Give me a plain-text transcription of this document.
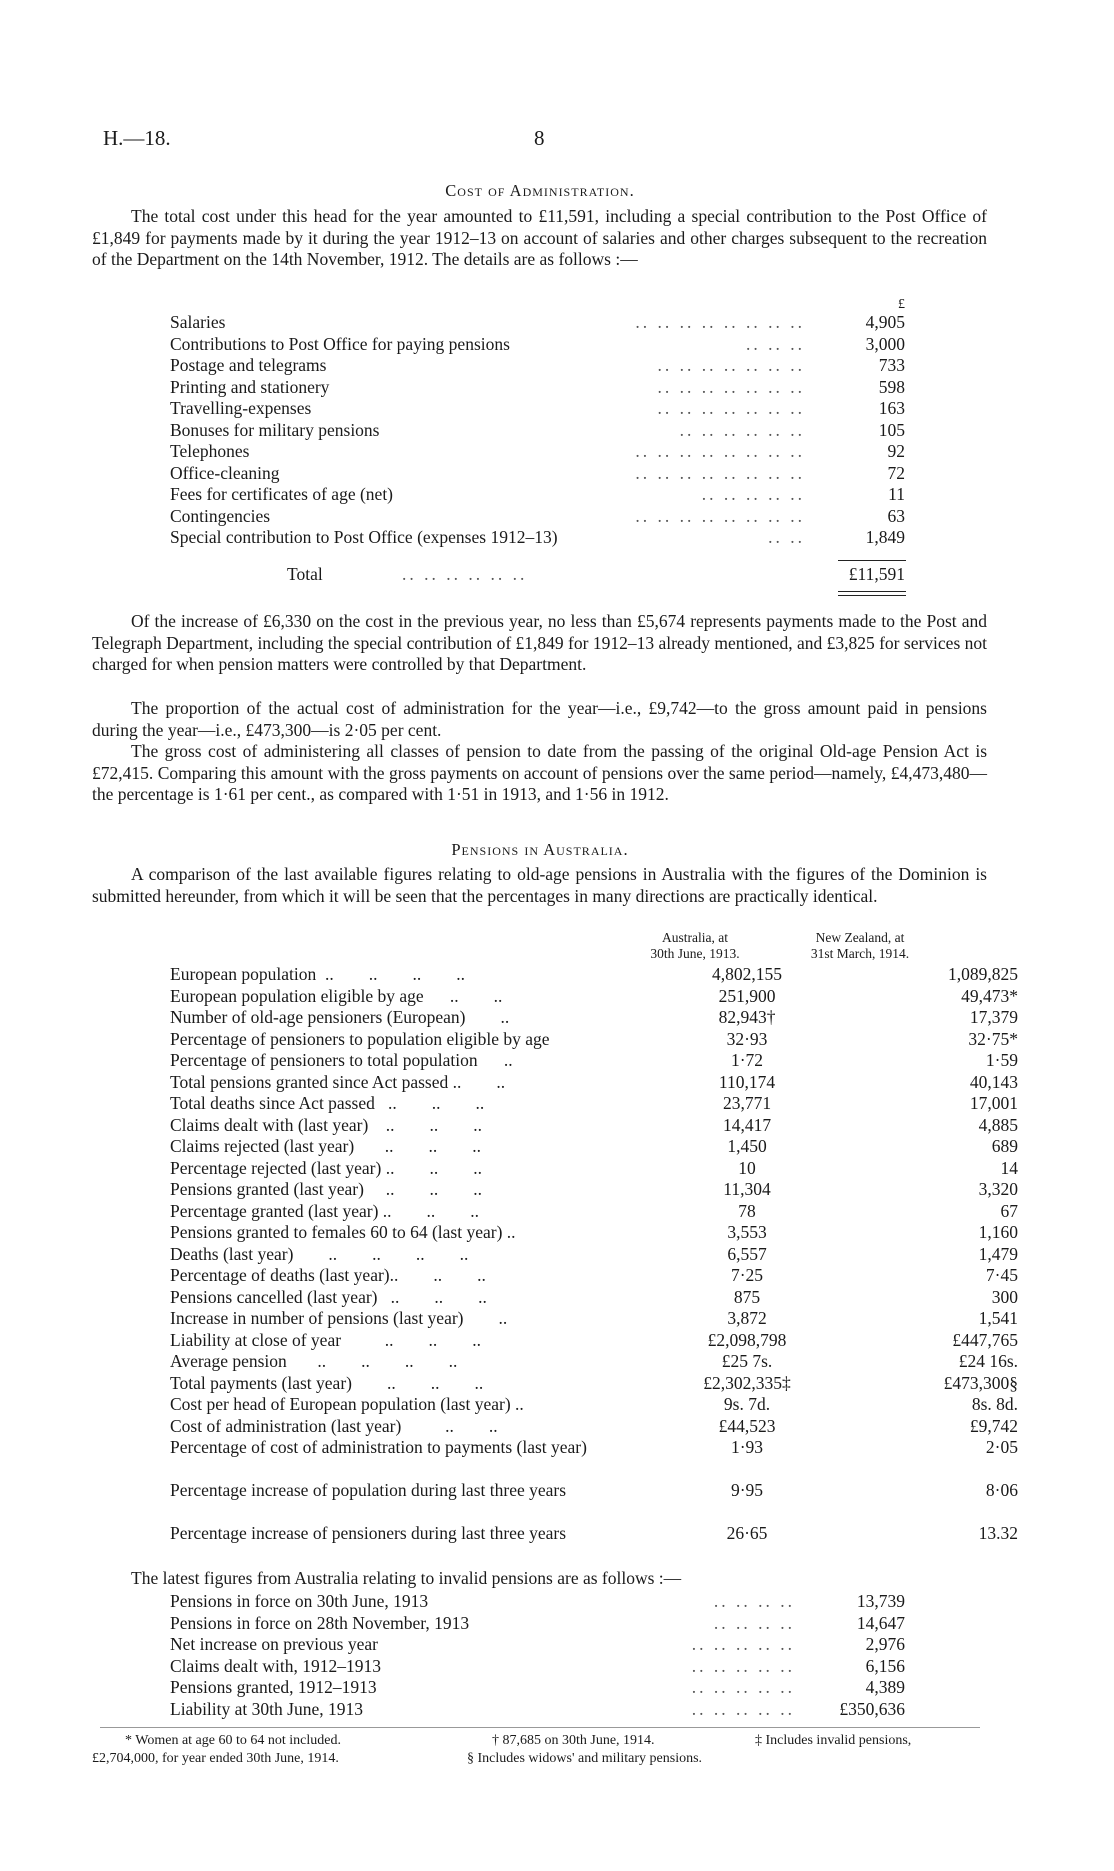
H.—18.	8
Cost of Administration.
The total cost under this head for the year amounted to £11,591, including a special contribution to the Post Office of £1,849 for payments made by it during the year 1912–13 on account of salaries and other charges subsequent to the recreation of the Department on the 14th November, 1912. The details are as follows :—
£
Salaries	.. .. .. .. .. .. .. ..	4,905
Contributions to Post Office for paying pensions	.. .. ..	3,000
Postage and telegrams	.. .. .. .. .. .. ..	733
Printing and stationery	.. .. .. .. .. .. ..	598
Travelling-expenses	.. .. .. .. .. .. ..	163
Bonuses for military pensions	.. .. .. .. .. ..	105
Telephones	.. .. .. .. .. .. .. ..	92
Office-cleaning	.. .. .. .. .. .. .. ..	72
Fees for certificates of age (net)	.. .. .. .. ..	11
Contingencies	.. .. .. .. .. .. .. ..	63
Special contribution to Post Office (expenses 1912–13)	.. ..	1,849
Total	.. .. .. .. .. ..	£11,591
Of the increase of £6,330 on the cost in the previous year, no less than £5,674 represents payments made to the Post and Telegraph Department, including the special contribution of £1,849 for 1912–13 already mentioned, and £3,825 for services not charged for when pension matters were controlled by that Department.
The proportion of the actual cost of administration for the year—i.e., £9,742—to the gross amount paid in pensions during the year—i.e., £473,300—is 2·05 per cent.
The gross cost of administering all classes of pension to date from the passing of the original Old-age Pension Act is £72,415. Comparing this amount with the gross payments on account of pensions over the same period—namely, £4,473,480—the percentage is 1·61 per cent., as compared with 1·51 in 1913, and 1·56 in 1912.
Pensions in Australia.
A comparison of the last available figures relating to old-age pensions in Australia with the figures of the Dominion is submitted hereunder, from which it will be seen that the percentages in many directions are practically identical.
Australia, at
30th June, 1913.
New Zealand, at
31st March, 1914.
European population  ..        ..        ..        ..	4,802,155	1,089,825
European population eligible by age      ..        ..	251,900	49,473*
Number of old-age pensioners (European)        ..	82,943†	17,379
Percentage of pensioners to population eligible by age	32·93	32·75*
Percentage of pensioners to total population      ..	1·72	1·59
Total pensions granted since Act passed ..        ..	110,174	40,143
Total deaths since Act passed   ..        ..        ..	23,771	17,001
Claims dealt with (last year)    ..        ..        ..	14,417	4,885
Claims rejected (last year)       ..        ..        ..	1,450	689
Percentage rejected (last year) ..        ..        ..	10	14
Pensions granted (last year)     ..        ..        ..	11,304	3,320
Percentage granted (last year) ..        ..        ..	78	67
Pensions granted to females 60 to 64 (last year) ..	3,553	1,160
Deaths (last year)        ..        ..        ..        ..	6,557	1,479
Percentage of deaths (last year)..        ..        ..	7·25	7·45
Pensions cancelled (last year)   ..        ..        ..	875	300
Increase in number of pensions (last year)        ..	3,872	1,541
Liability at close of year          ..        ..        ..	£2,098,798	£447,765
Average pension       ..        ..        ..        ..	£25 7s.	£24 16s.
Total payments (last year)        ..        ..        ..	£2,302,335‡	£473,300§
Cost per head of European population (last year) ..	9s. 7d.	8s. 8d.
Cost of administration (last year)          ..        ..	£44,523	£9,742
Percentage of cost of administration to payments (last year)	1·93	2·05
Percentage increase of population during last three years	9·95	8·06
Percentage increase of pensioners during last three years	26·65	13.32
The latest figures from Australia relating to invalid pensions are as follows :—
Pensions in force on 30th June, 1913	.. .. .. ..	13,739
Pensions in force on 28th November, 1913	.. .. .. ..	14,647
Net increase on previous year	.. .. .. .. ..	2,976
Claims dealt with, 1912–1913	.. .. .. .. ..	6,156
Pensions granted, 1912–1913	.. .. .. .. ..	4,389
Liability at 30th June, 1913	.. .. .. .. ..	£350,636
* Women at age 60 to 64 not included.	† 87,685 on 30th June, 1914.	‡ Includes invalid pensions,
£2,704,000, for year ended 30th June, 1914.	§ Includes widows' and military pensions.
